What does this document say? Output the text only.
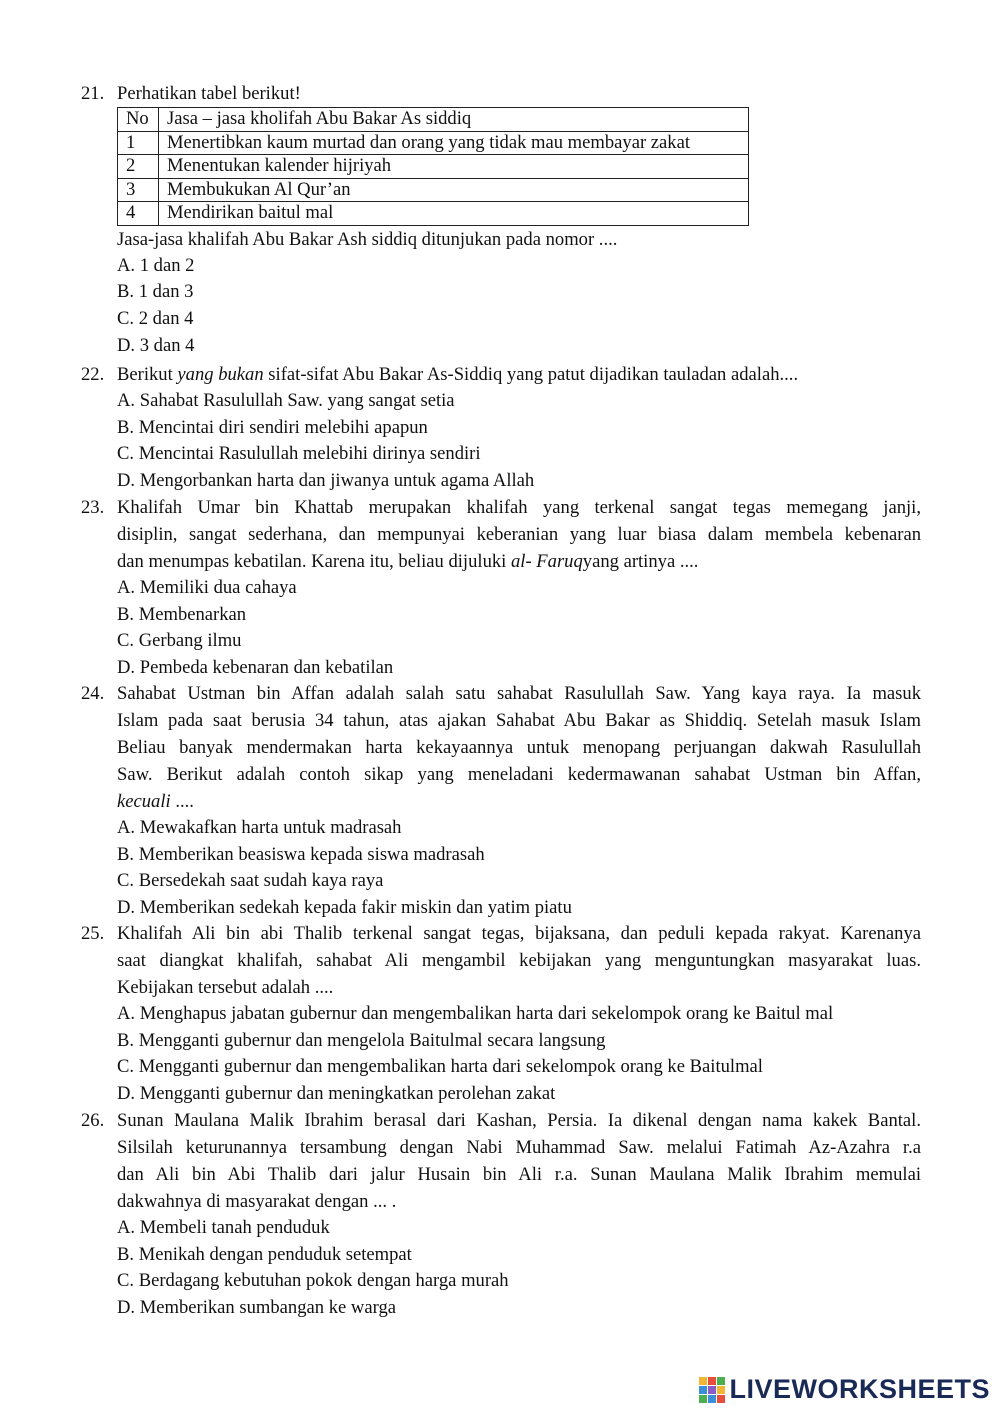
21. Perhatikan tabel berikut!
No	Jasa – jasa kholifah Abu Bakar As siddiq
1	Menertibkan kaum murtad dan orang yang tidak mau membayar zakat
2	Menentukan kalender hijriyah
3	Membukukan Al Qur’an
4	Mendirikan baitul mal
Jasa-jasa khalifah Abu Bakar Ash siddiq ditunjukan pada nomor ....
A. 1 dan 2
B. 1 dan 3
C. 2 dan 4
D. 3 dan 4
22. Berikut yang bukan sifat-sifat Abu Bakar As-Siddiq yang patut dijadikan tauladan adalah....
A. Sahabat Rasulullah Saw. yang sangat setia
B. Mencintai diri sendiri melebihi apapun
C. Mencintai Rasulullah melebihi dirinya sendiri
D. Mengorbankan harta dan jiwanya untuk agama Allah
23. Khalifah Umar bin Khattab merupakan khalifah yang terkenal sangat tegas memegang janji,
disiplin, sangat sederhana, dan mempunyai keberanian yang luar biasa dalam membela kebenaran
dan menumpas kebatilan. Karena itu, beliau dijuluki al- Faruqyang artinya ....
A. Memiliki dua cahaya
B. Membenarkan
C. Gerbang ilmu
D. Pembeda kebenaran dan kebatilan
24. Sahabat Ustman bin Affan adalah salah satu sahabat Rasulullah Saw. Yang kaya raya. Ia masuk
Islam pada saat berusia 34 tahun, atas ajakan Sahabat Abu Bakar as Shiddiq. Setelah masuk Islam
Beliau banyak mendermakan harta kekayaannya untuk menopang perjuangan dakwah Rasulullah
Saw. Berikut adalah contoh sikap yang meneladani kedermawanan sahabat Ustman bin Affan,
kecuali ....
A. Mewakafkan harta untuk madrasah
B. Memberikan beasiswa kepada siswa madrasah
C. Bersedekah saat sudah kaya raya
D. Memberikan sedekah kepada fakir miskin dan yatim piatu
25. Khalifah Ali bin abi Thalib terkenal sangat tegas, bijaksana, dan peduli kepada rakyat. Karenanya
saat diangkat khalifah, sahabat Ali mengambil kebijakan yang menguntungkan masyarakat luas.
Kebijakan tersebut adalah ....
A. Menghapus jabatan gubernur dan mengembalikan harta dari sekelompok orang ke Baitul mal
B. Mengganti gubernur dan mengelola Baitulmal secara langsung
C. Mengganti gubernur dan mengembalikan harta dari sekelompok orang ke Baitulmal
D. Mengganti gubernur dan meningkatkan perolehan zakat
26. Sunan Maulana Malik Ibrahim berasal dari Kashan, Persia. Ia dikenal dengan nama kakek Bantal.
Silsilah keturunannya tersambung dengan Nabi Muhammad Saw. melalui Fatimah Az-Azahra r.a
dan Ali bin Abi Thalib dari jalur Husain bin Ali r.a. Sunan Maulana Malik Ibrahim memulai
dakwahnya di masyarakat dengan ... .
A. Membeli tanah penduduk
B. Menikah dengan penduduk setempat
C. Berdagang kebutuhan pokok dengan harga murah
D. Memberikan sumbangan ke warga
LIVEWORKSHEETS
